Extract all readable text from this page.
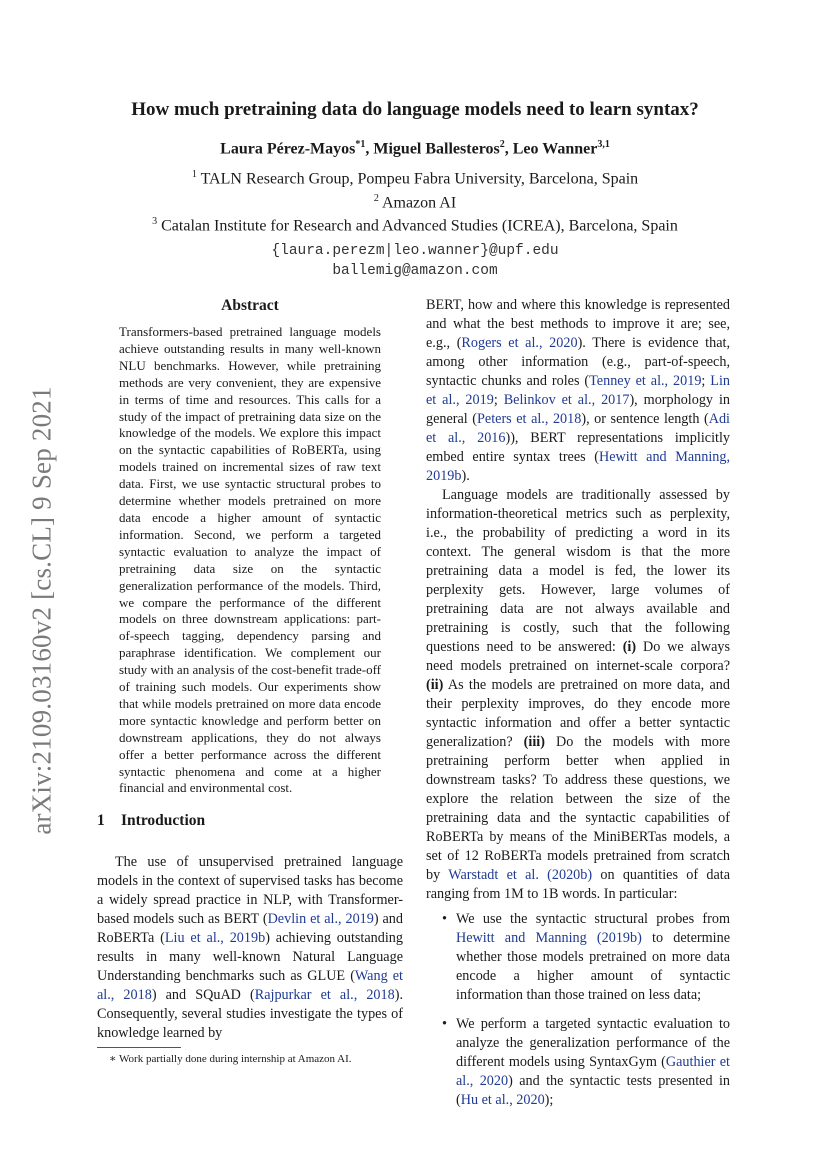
arXiv:2109.03160v2 [cs.CL] 9 Sep 2021
How much pretraining data do language models need to learn syntax?
Laura Pérez-Mayos$^{*1}$, Miguel Ballesteros$^2$, Leo Wanner$^{3,1}$
$^1$ TALN Research Group, Pompeu Fabra University, Barcelona, Spain
$^2$ Amazon AI
$^3$ Catalan Institute for Research and Advanced Studies (ICREA), Barcelona, Spain
{laura.perezm|leo.wanner}@upf.edu
ballemig@amazon.com
Abstract
Transformers-based pretrained language models achieve outstanding results in many well-known NLU benchmarks. However, while pretraining methods are very convenient, they are expensive in terms of time and resources. This calls for a study of the impact of pretraining data size on the knowledge of the models. We explore this impact on the syntactic capabilities of RoBERTa, using models trained on incremental sizes of raw text data. First, we use syntactic structural probes to determine whether models pretrained on more data encode a higher amount of syntactic information. Second, we perform a targeted syntactic evaluation to analyze the impact of pretraining data size on the syntactic generalization performance of the models. Third, we compare the performance of the different models on three downstream applications: part-of-speech tagging, dependency parsing and paraphrase identification. We complement our study with an analysis of the cost-benefit trade-off of training such models. Our experiments show that while models pretrained on more data encode more syntactic knowledge and perform better on downstream applications, they do not always offer a better performance across the different syntactic phenomena and come at a higher financial and environmental cost.
1 Introduction

The use of unsupervised pretrained language models in the context of supervised tasks has become a widely spread practice in NLP, with Transformer-based models such as BERT (Devlin et al., 2019) and RoBERTa (Liu et al., 2019b) achieving outstanding results in many well-known Natural Language Understanding benchmarks such as GLUE (Wang et al., 2018) and SQuAD (Rajpurkar et al., 2018). Consequently, several studies investigate the types of knowledge learned by

∗ Work partially done during internship at Amazon AI.

BERT, how and where this knowledge is represented and what the best methods to improve it are; see, e.g., (Rogers et al., 2020). There is evidence that, among other information (e.g., part-of-speech, syntactic chunks and roles (Tenney et al., 2019; Lin et al., 2019; Belinkov et al., 2017), morphology in general (Peters et al., 2018), or sentence length (Adi et al., 2016)), BERT representations implicitly embed entire syntax trees (Hewitt and Manning, 2019b).

Language models are traditionally assessed by information-theoretical metrics such as perplexity, i.e., the probability of predicting a word in its context. The general wisdom is that the more pretraining data a model is fed, the lower its perplexity gets. However, large volumes of pretraining data are not always available and pretraining is costly, such that the following questions need to be answered: (i) Do we always need models pretrained on internet-scale corpora? (ii) As the models are pretrained on more data, and their perplexity improves, do they encode more syntactic information and offer a better syntactic generalization? (iii) Do the models with more pretraining perform better when applied in downstream tasks? To address these questions, we explore the relation between the size of the pretraining data and the syntactic capabilities of RoBERTa by means of the MiniBERTas models, a set of 12 RoBERTa models pretrained from scratch by Warstadt et al. (2020b) on quantities of data ranging from 1M to 1B words. In particular:

• We use the syntactic structural probes from Hewitt and Manning (2019b) to determine whether those models pretrained on more data encode a higher amount of syntactic information than those trained on less data;
• We perform a targeted syntactic evaluation to analyze the generalization performance of the different models using SyntaxGym (Gauthier et al., 2020) and the syntactic tests presented in (Hu et al., 2020);
